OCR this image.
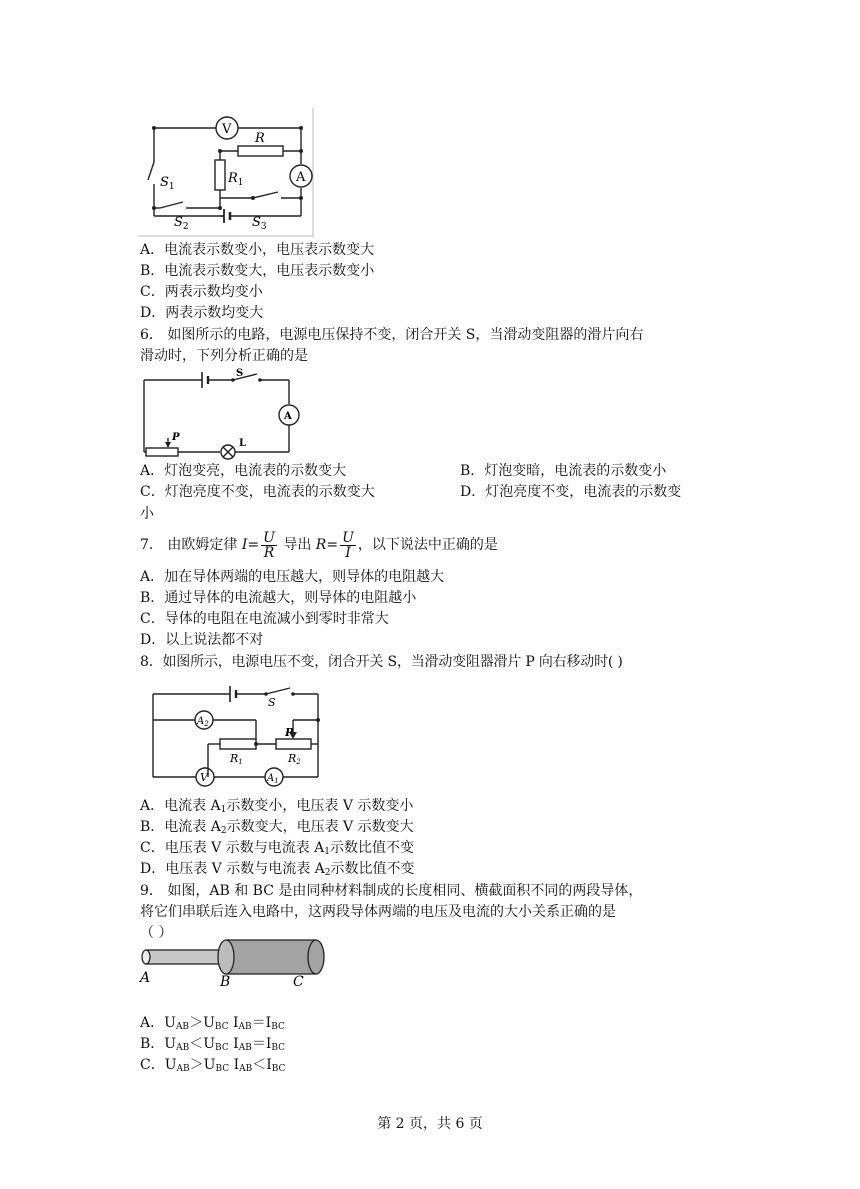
V
A
R
$R_1$
$S_1$
$S_2$	$S_3$
A．电流表示数变小，电压表示数变大
B．电流表示数变大，电压表示数变小
C．两表示数均变小
D．两表示数均变大
6． 如图所示的电路，电源电压保持不变，闭合开关 S，当滑动变阻器的滑片向右
滑动时，下列分析正确的是
S
A
P
L
A．灯泡变亮，电流表的示数变大	B．灯泡变暗，电流表的示数变小
C．灯泡亮度不变，电流表的示数变大	D．灯泡亮度不变，电流表的示数变
小
7． 由欧姆定律 $I= \frac{U}{R}$ 导出 $R= \frac{U}{I}$ ，以下说法中正确的是
A．加在导体两端的电压越大，则导体的电阻越大
B．通过导体的电流越大，则导体的电阻越小
C．导体的电阻在电流减小到零时非常大
D．以上说法都不对
8．如图所示，电源电压不变，闭合开关 S，当滑动变阻器滑片 P 向右移动时( )
S
$A_2$
P
R1	R2
V	$A_1$
A．电流表 $A_1$示数变小，电压表 V 示数变小
B．电流表 $A_2$示数变大，电压表 V 示数变大
C．电压表 V 示数与电流表 $A_1$示数比值不变
D．电压表 V 示数与电流表 $A_2$示数比值不变
9． 如图，AB 和 BC 是由同种材料制成的长度相同、横截面积不同的两段导体，
将它们串联后连入电路中，这两段导体两端的电压及电流的大小关系正确的是
（ ）
A	B	C
A．$U_{AB}>U_{BC}$ $I_{AB}=I_{BC}$
B．$U_{AB}<U_{BC}$ $I_{AB}=I_{BC}$
C．$U_{AB}>U_{BC}$ $I_{AB}<I_{BC}$
第 2 页，共 6 页
